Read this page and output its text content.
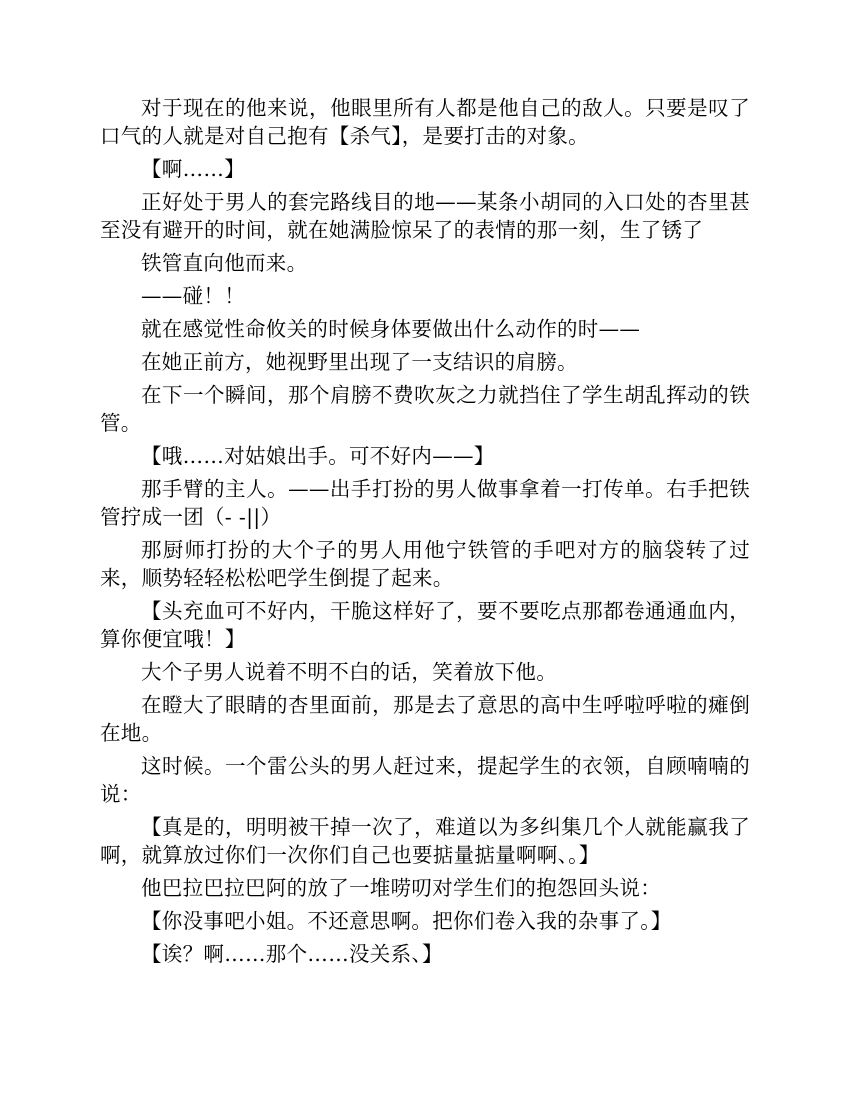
对于现在的他来说，他眼里所有人都是他自己的敌人。只要是叹了口气的人就是对自己抱有【杀气】，是要打击的对象。

【啊……】

正好处于男人的套完路线目的地——某条小胡同的入口处的杏里甚至没有避开的时间，就在她满脸惊呆了的表情的那一刻，生了锈了

铁管直向他而来。

——碰！！

就在感觉性命攸关的时候身体要做出什么动作的时——

在她正前方，她视野里出现了一支结识的肩膀。

在下一个瞬间，那个肩膀不费吹灰之力就挡住了学生胡乱挥动的铁管。

【哦……对姑娘出手。可不好内——】

那手臂的主人。——出手打扮的男人做事拿着一打传单。右手把铁管拧成一团（- -||）

那厨师打扮的大个子的男人用他宁铁管的手吧对方的脑袋转了过来，顺势轻轻松松吧学生倒提了起来。

【头充血可不好内，干脆这样好了，要不要吃点那都卷通通血内，算你便宜哦！】

大个子男人说着不明不白的话，笑着放下他。

在瞪大了眼睛的杏里面前，那是去了意思的高中生呼啦呼啦的瘫倒在地。

这时候。一个雷公头的男人赶过来，提起学生的衣领，自顾喃喃的说：

【真是的，明明被干掉一次了，难道以为多纠集几个人就能赢我了啊，就算放过你们一次你们自己也要掂量掂量啊啊、。】

他巴拉巴拉巴阿的放了一堆唠叨对学生们的抱怨回头说：

【你没事吧小姐。不还意思啊。把你们卷入我的杂事了。】

【诶？啊……那个……没关系、】
